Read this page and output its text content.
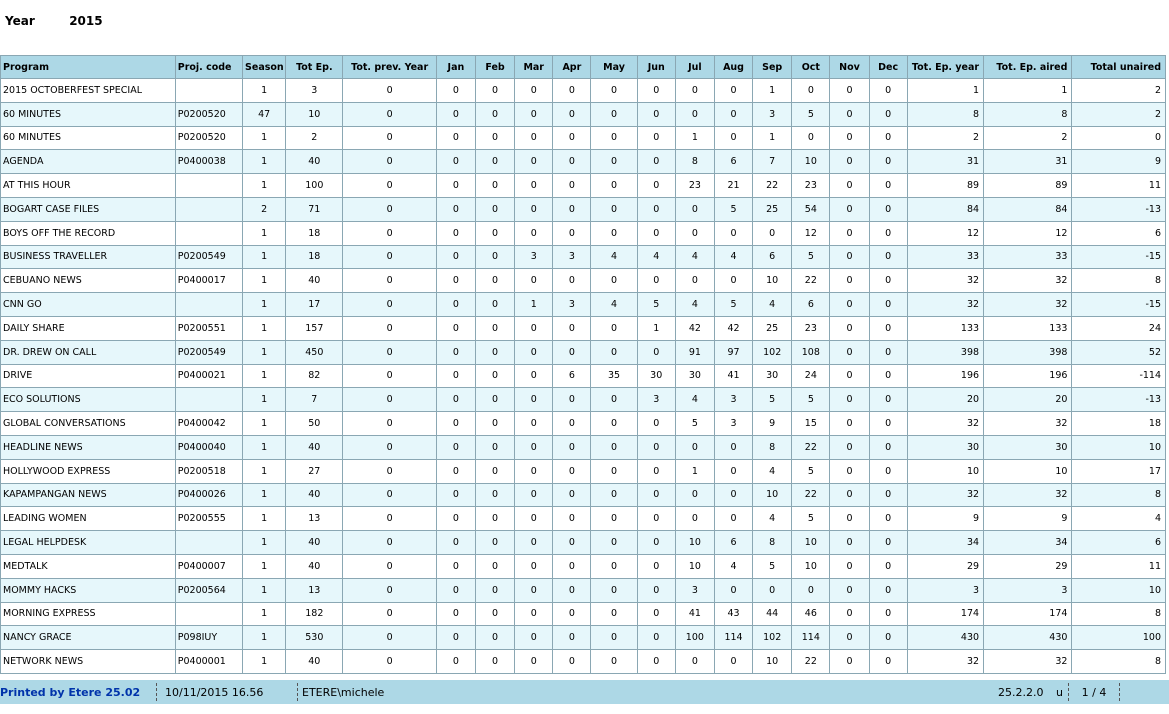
Year	2015
Program	Proj. code	Season	Tot Ep.	Tot. prev. Year	Jan	Feb	Mar	Apr	May	Jun	Jul	Aug	Sep	Oct	Nov	Dec	Tot. Ep. year	Tot. Ep. aired	Total unaired
2015 OCTOBERFEST SPECIAL		1	3	0	0	0	0	0	0	0	0	0	1	0	0	0	1	1	2
60 MINUTES	P0200520	47	10	0	0	0	0	0	0	0	0	0	3	5	0	0	8	8	2
60 MINUTES	P0200520	1	2	0	0	0	0	0	0	0	1	0	1	0	0	0	2	2	0
AGENDA	P0400038	1	40	0	0	0	0	0	0	0	8	6	7	10	0	0	31	31	9
AT THIS HOUR		1	100	0	0	0	0	0	0	0	23	21	22	23	0	0	89	89	11
BOGART CASE FILES		2	71	0	0	0	0	0	0	0	0	5	25	54	0	0	84	84	-13
BOYS OFF THE RECORD		1	18	0	0	0	0	0	0	0	0	0	0	12	0	0	12	12	6
BUSINESS TRAVELLER	P0200549	1	18	0	0	0	3	3	4	4	4	4	6	5	0	0	33	33	-15
CEBUANO NEWS	P0400017	1	40	0	0	0	0	0	0	0	0	0	10	22	0	0	32	32	8
CNN GO		1	17	0	0	0	1	3	4	5	4	5	4	6	0	0	32	32	-15
DAILY SHARE	P0200551	1	157	0	0	0	0	0	0	1	42	42	25	23	0	0	133	133	24
DR. DREW ON CALL	P0200549	1	450	0	0	0	0	0	0	0	91	97	102	108	0	0	398	398	52
DRIVE	P0400021	1	82	0	0	0	0	6	35	30	30	41	30	24	0	0	196	196	-114
ECO SOLUTIONS		1	7	0	0	0	0	0	0	3	4	3	5	5	0	0	20	20	-13
GLOBAL CONVERSATIONS	P0400042	1	50	0	0	0	0	0	0	0	5	3	9	15	0	0	32	32	18
HEADLINE NEWS	P0400040	1	40	0	0	0	0	0	0	0	0	0	8	22	0	0	30	30	10
HOLLYWOOD EXPRESS	P0200518	1	27	0	0	0	0	0	0	0	1	0	4	5	0	0	10	10	17
KAPAMPANGAN NEWS	P0400026	1	40	0	0	0	0	0	0	0	0	0	10	22	0	0	32	32	8
LEADING WOMEN	P0200555	1	13	0	0	0	0	0	0	0	0	0	4	5	0	0	9	9	4
LEGAL HELPDESK		1	40	0	0	0	0	0	0	0	10	6	8	10	0	0	34	34	6
MEDTALK	P0400007	1	40	0	0	0	0	0	0	0	10	4	5	10	0	0	29	29	11
MOMMY HACKS	P0200564	1	13	0	0	0	0	0	0	0	3	0	0	0	0	0	3	3	10
MORNING EXPRESS		1	182	0	0	0	0	0	0	0	41	43	44	46	0	0	174	174	8
NANCY GRACE	P098IUY	1	530	0	0	0	0	0	0	0	100	114	102	114	0	0	430	430	100
NETWORK NEWS	P0400001	1	40	0	0	0	0	0	0	0	0	0	10	22	0	0	32	32	8
Printed by Etere 25.02	10/11/2015 16.56	ETERE\michele	25.2.2.0	u	1 / 4
